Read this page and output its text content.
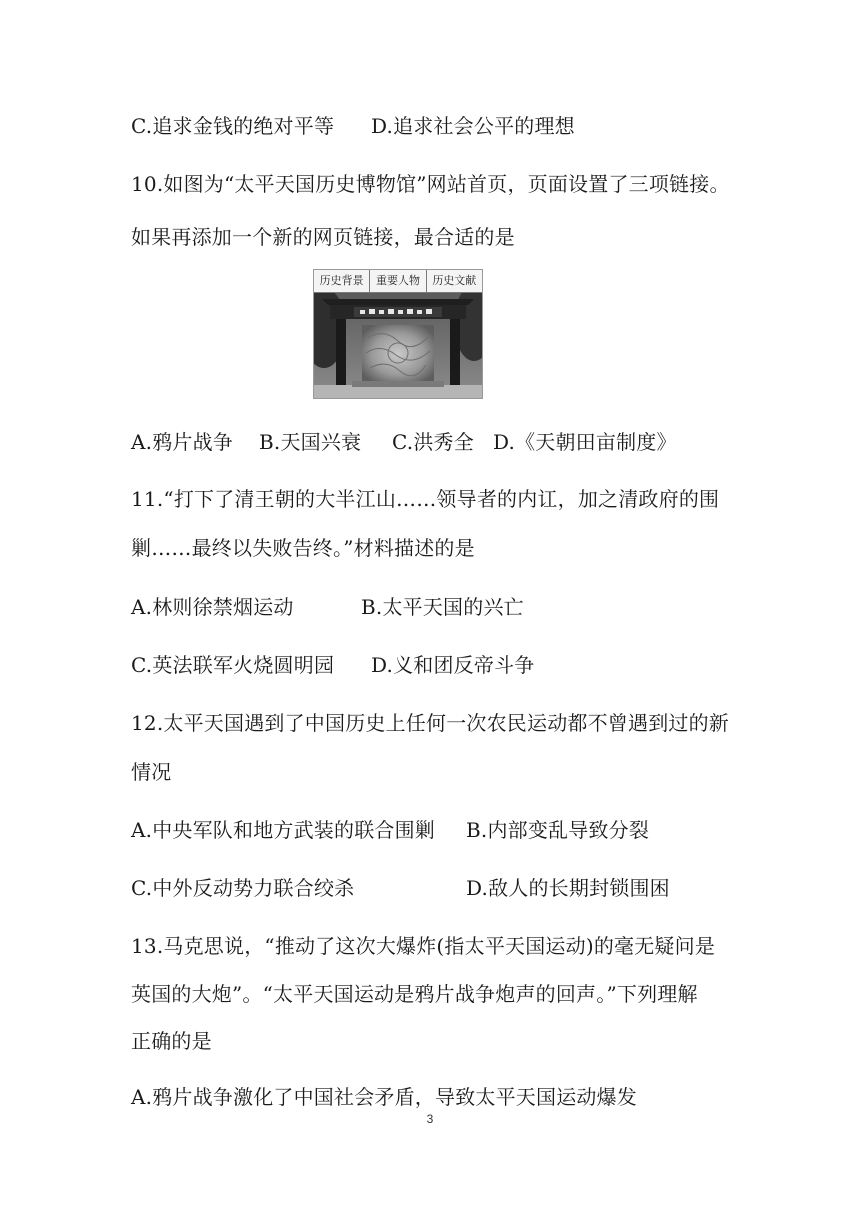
C.追求金钱的绝对平等 D.追求社会公平的理想
10.如图为“太平天国历史博物馆”网站首页，页面设置了三项链接。
如果再添加一个新的网页链接，最合适的是
历史背景	重要人物	历史文献
A.鸦片战争 B.天国兴衰 C.洪秀全 D.《天朝田亩制度》
11.“打下了清王朝的大半江山……领导者的内讧，加之清政府的围
剿……最终以失败告终。”材料描述的是
A.林则徐禁烟运动	B.太平天国的兴亡
C.英法联军火烧圆明园 D.义和团反帝斗争
12.太平天国遇到了中国历史上任何一次农民运动都不曾遇到过的新
情况
A.中央军队和地方武装的联合围剿 B.内部变乱导致分裂
C.中外反动势力联合绞杀	D.敌人的长期封锁围困
13.马克思说，“推动了这次大爆炸(指太平天国运动)的毫无疑问是
英国的大炮”。“太平天国运动是鸦片战争炮声的回声。”下列理解
正确的是
A.鸦片战争激化了中国社会矛盾，导致太平天国运动爆发
3
